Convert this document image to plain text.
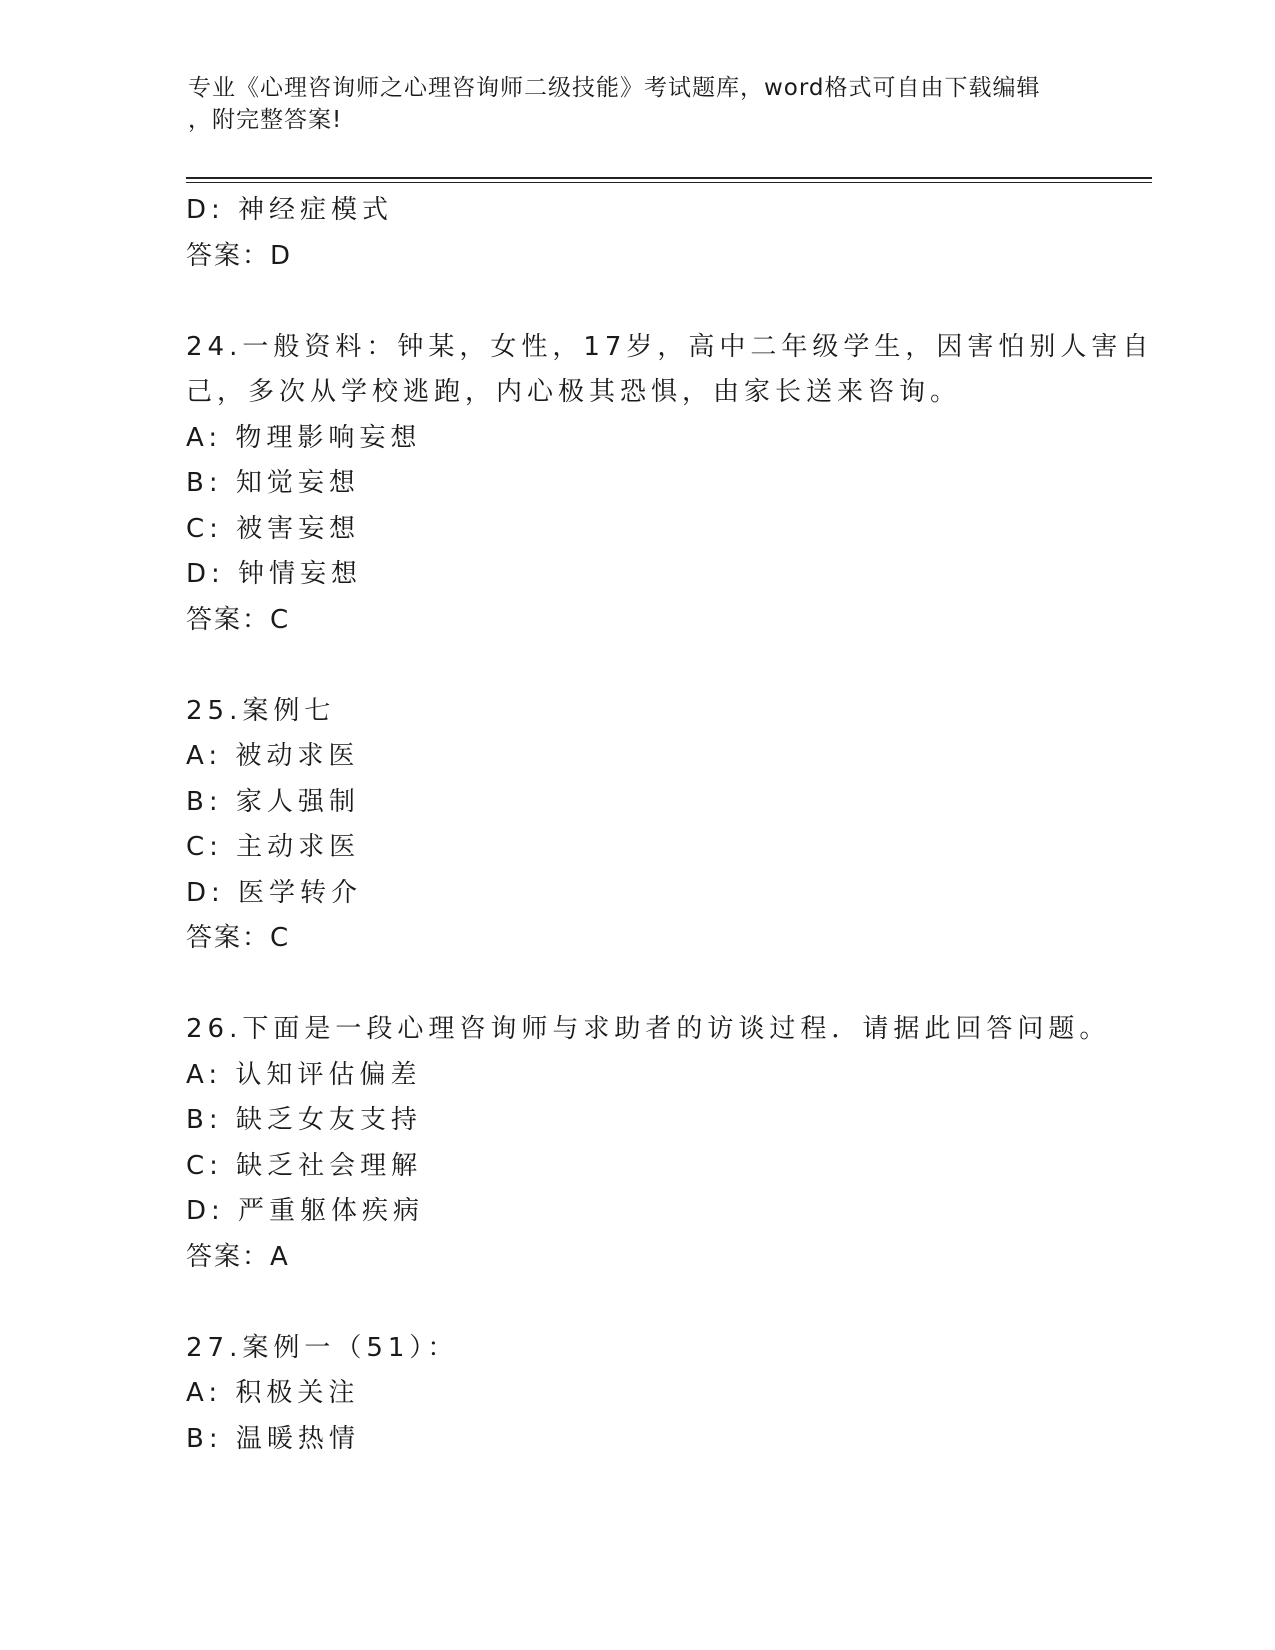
专业《心理咨询师之心理咨询师二级技能》考试题库，word格式可自由下载编辑
，附完整答案!
D: 神经症模式
答案：D
24.一般资料：钟某，女性，17岁，高中二年级学生，因害怕别人害自
己，多次从学校逃跑，内心极其恐惧，由家长送来咨询。
A: 物理影响妄想
B: 知觉妄想
C: 被害妄想
D: 钟情妄想
答案：C
25.案例七
A: 被动求医
B: 家人强制
C: 主动求医
D: 医学转介
答案：C
26.下面是一段心理咨询师与求助者的访谈过程．请据此回答问题。
A: 认知评估偏差
B: 缺乏女友支持
C: 缺乏社会理解
D: 严重躯体疾病
答案：A
27.案例一（51）：
A: 积极关注
B: 温暖热情
